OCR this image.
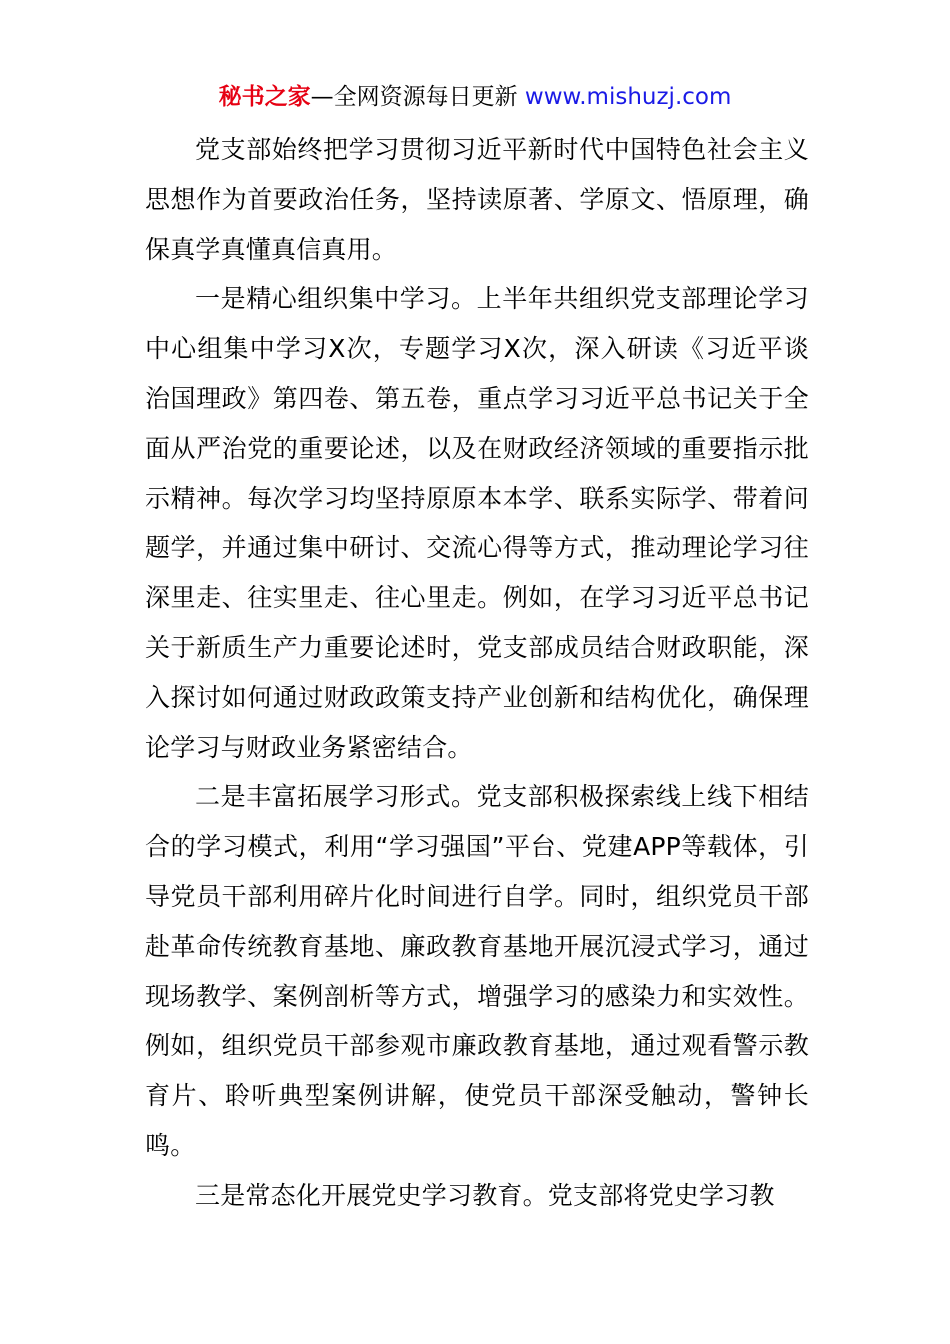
秘书之家—全网资源每日更新 www.mishuzj.com

党支部始终把学习贯彻习近平新时代中国特色社会主义思想作为首要政治任务，坚持读原著、学原文、悟原理，确保真学真懂真信真用。

一是精心组织集中学习。上半年共组织党支部理论学习中心组集中学习X次，专题学习X次，深入研读《习近平谈治国理政》第四卷、第五卷，重点学习习近平总书记关于全面从严治党的重要论述，以及在财政经济领域的重要指示批示精神。每次学习均坚持原原本本学、联系实际学、带着问题学，并通过集中研讨、交流心得等方式，推动理论学习往深里走、往实里走、往心里走。例如，在学习习近平总书记关于新质生产力重要论述时，党支部成员结合财政职能，深入探讨如何通过财政政策支持产业创新和结构优化，确保理论学习与财政业务紧密结合。

二是丰富拓展学习形式。党支部积极探索线上线下相结合的学习模式，利用“学习强国”平台、党建APP等载体，引导党员干部利用碎片化时间进行自学。同时，组织党员干部赴革命传统教育基地、廉政教育基地开展沉浸式学习，通过现场教学、案例剖析等方式，增强学习的感染力和实效性。例如，组织党员干部参观市廉政教育基地，通过观看警示教育片、聆听典型案例讲解，使党员干部深受触动，警钟长鸣。

三是常态化开展党史学习教育。党支部将党史学习教
